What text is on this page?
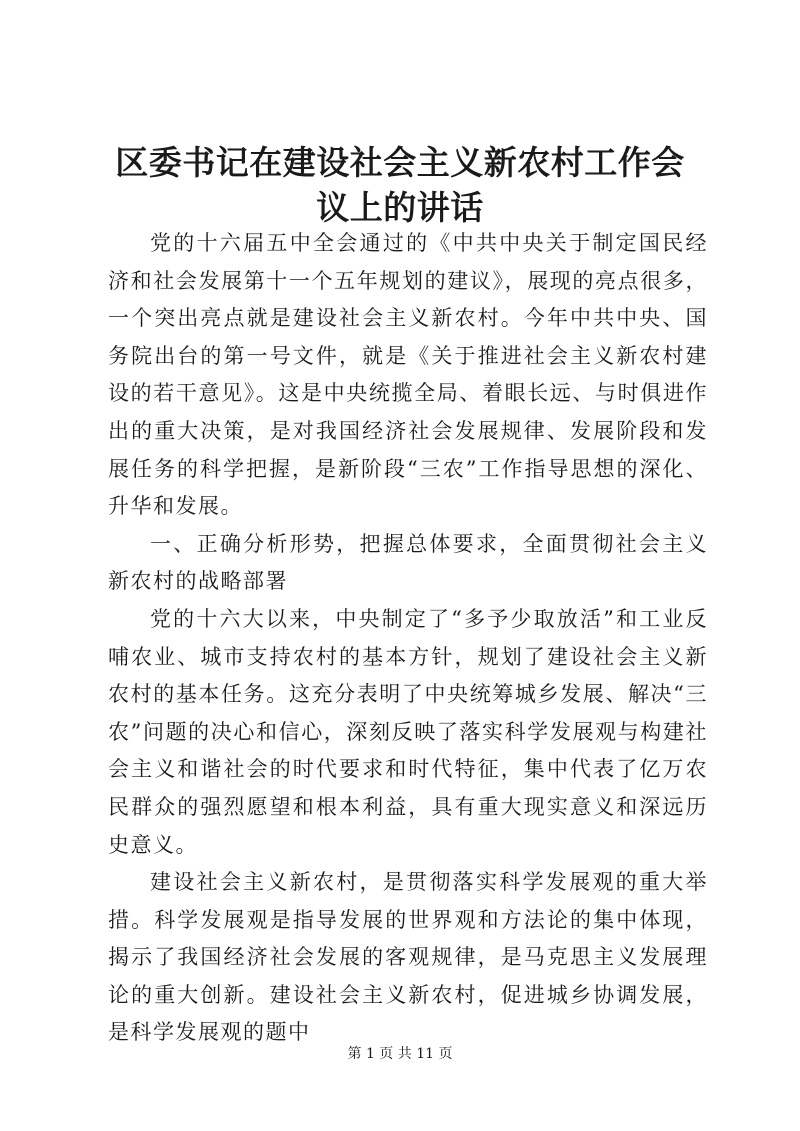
区委书记在建设社会主义新农村工作会议上的讲话

党的十六届五中全会通过的《中共中央关于制定国民经济和社会发展第十一个五年规划的建议》，展现的亮点很多，一个突出亮点就是建设社会主义新农村。今年中共中央、国务院出台的第一号文件，就是《关于推进社会主义新农村建设的若干意见》。这是中央统揽全局、着眼长远、与时俱进作出的重大决策，是对我国经济社会发展规律、发展阶段和发展任务的科学把握，是新阶段“三农”工作指导思想的深化、升华和发展。

一、正确分析形势，把握总体要求，全面贯彻社会主义新农村的战略部署

党的十六大以来，中央制定了“多予少取放活”和工业反哺农业、城市支持农村的基本方针，规划了建设社会主义新农村的基本任务。这充分表明了中央统筹城乡发展、解决“三农”问题的决心和信心，深刻反映了落实科学发展观与构建社会主义和谐社会的时代要求和时代特征，集中代表了亿万农民群众的强烈愿望和根本利益，具有重大现实意义和深远历史意义。

建设社会主义新农村，是贯彻落实科学发展观的重大举措。科学发展观是指导发展的世界观和方法论的集中体现，揭示了我国经济社会发展的客观规律，是马克思主义发展理论的重大创新。建设社会主义新农村，促进城乡协调发展，是科学发展观的题中

第 1 页 共 11 页
